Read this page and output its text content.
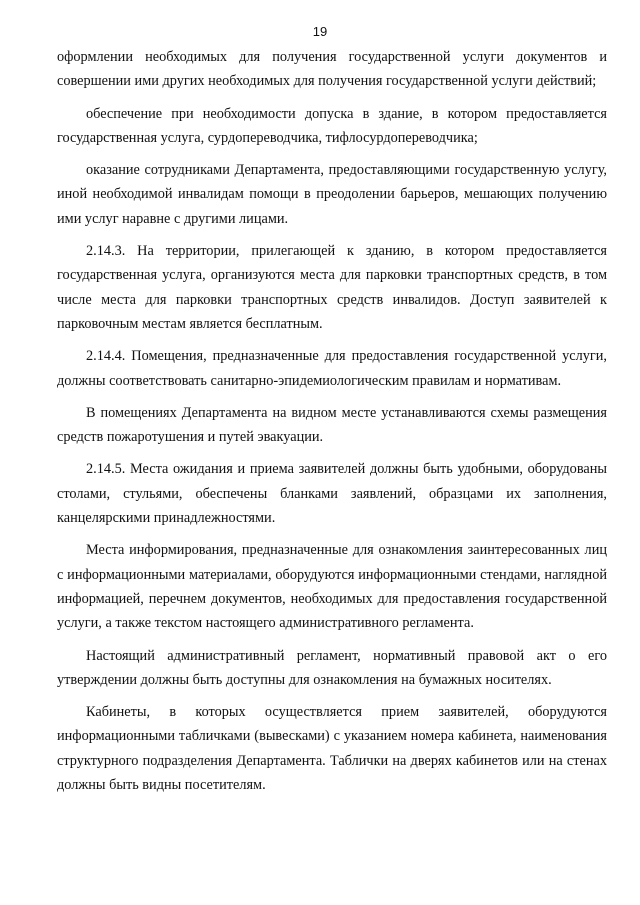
19

оформлении необходимых для получения государственной услуги документов и совершении ими других необходимых для получения государственной услуги действий;

обеспечение при необходимости допуска в здание, в котором предоставляется государственная услуга, сурдопереводчика, тифлосурдопереводчика;

оказание сотрудниками Департамента, предоставляющими государственную услугу, иной необходимой инвалидам помощи в преодолении барьеров, мешающих получению ими услуг наравне с другими лицами.

2.14.3. На территории, прилегающей к зданию, в котором предоставляется государственная услуга, организуются места для парковки транспортных средств, в том числе места для парковки транспортных средств инвалидов. Доступ заявителей к парковочным местам является бесплатным.

2.14.4. Помещения, предназначенные для предоставления государственной услуги, должны соответствовать санитарно-эпидемиологическим правилам и нормативам.

В помещениях Департамента на видном месте устанавливаются схемы размещения средств пожаротушения и путей эвакуации.

2.14.5. Места ожидания и приема заявителей должны быть удобными, оборудованы столами, стульями, обеспечены бланками заявлений, образцами их заполнения, канцелярскими принадлежностями.

Места информирования, предназначенные для ознакомления заинтересованных лиц с информационными материалами, оборудуются информационными стендами, наглядной информацией, перечнем документов, необходимых для предоставления государственной услуги, а также текстом настоящего административного регламента.

Настоящий административный регламент, нормативный правовой акт о его утверждении должны быть доступны для ознакомления на бумажных носителях.

Кабинеты, в которых осуществляется прием заявителей, оборудуются информационными табличками (вывесками) с указанием номера кабинета, наименования структурного подразделения Департамента. Таблички на дверях кабинетов или на стенах должны быть видны посетителям.
